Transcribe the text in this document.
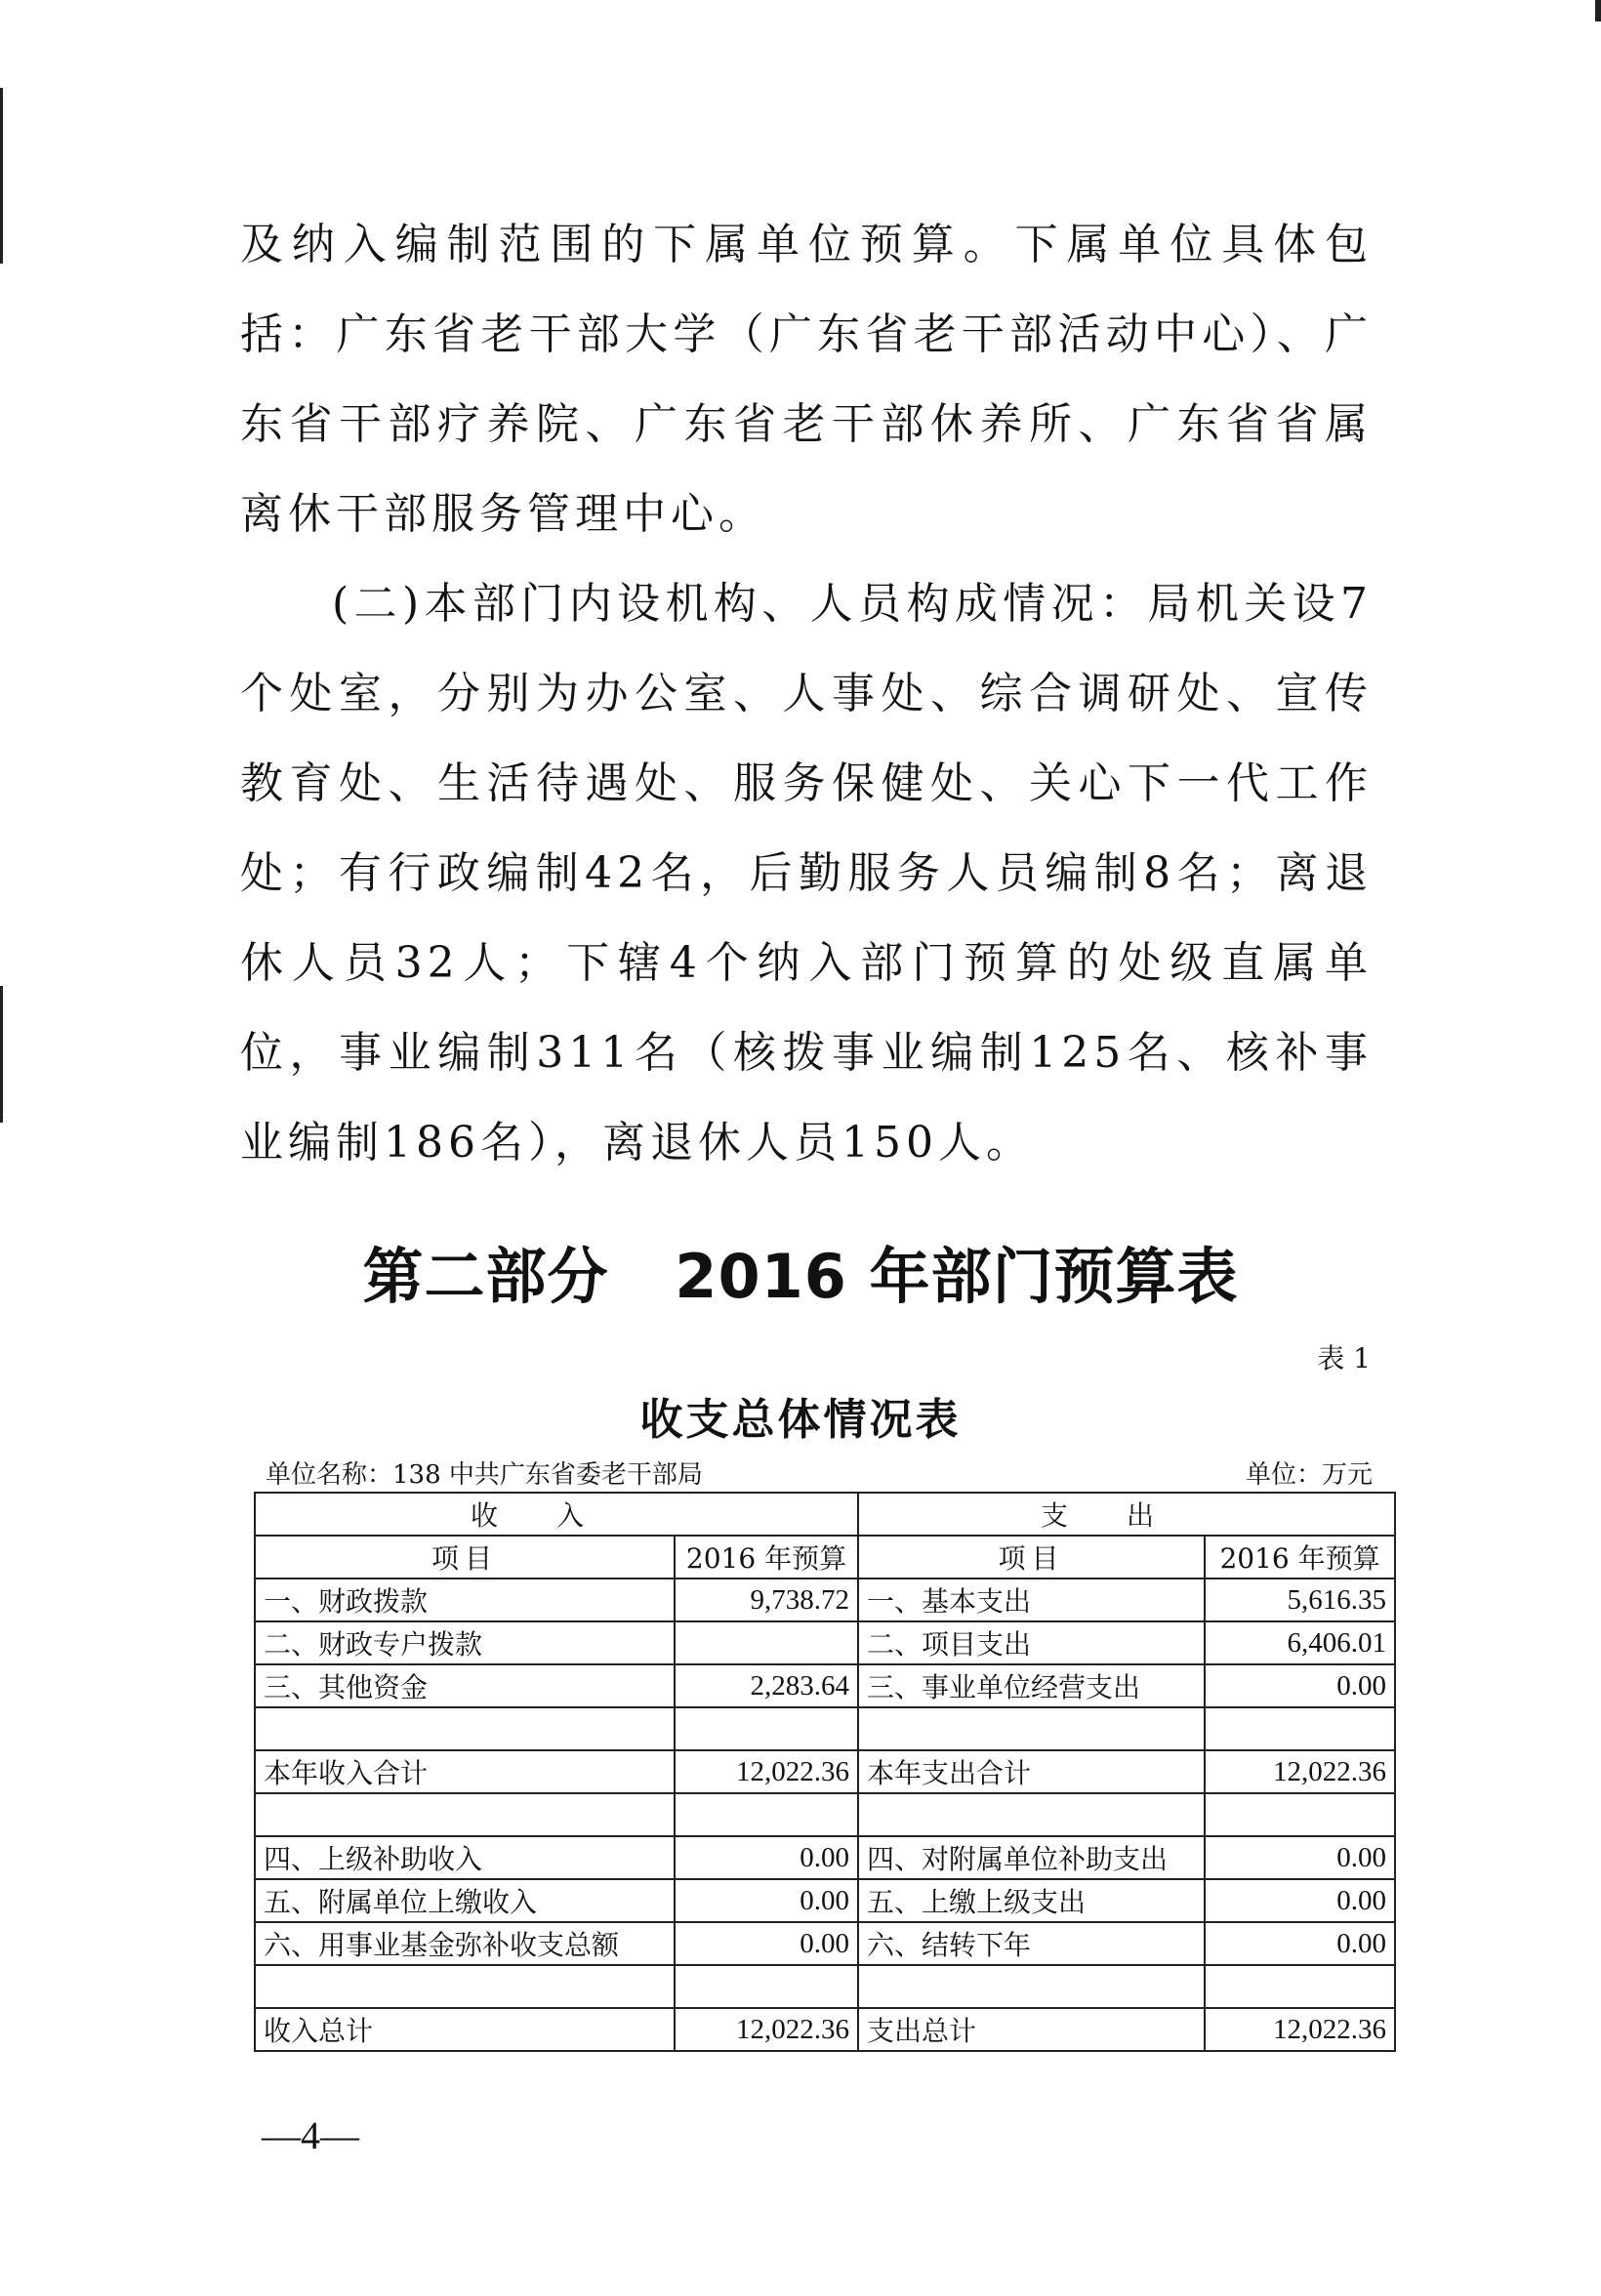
及纳入编制范围的下属单位预算。下属单位具体包括：广东省老干部大学（广东省老干部活动中心）、广东省干部疗养院、广东省老干部休养所、广东省省属离休干部服务管理中心。

(二)本部门内设机构、人员构成情况：局机关设7个处室，分别为办公室、人事处、综合调研处、宣传教育处、生活待遇处、服务保健处、关心下一代工作处；有行政编制42名，后勤服务人员编制8名；离退休人员32人；下辖4个纳入部门预算的处级直属单位，事业编制311名（核拨事业编制125名、核补事业编制186名），离退休人员150人。

第二部分   2016 年部门预算表
表 1
收支总体情况表
单位名称：138 中共广东省委老干部局	单位：万元
收入		支出	
项目	2016 年预算	项目	2016 年预算
一、财政拨款	9,738.72	一、基本支出	5,616.35
二、财政专户拨款		二、项目支出	6,406.01
三、其他资金	2,283.64	三、事业单位经营支出	0.00

本年收入合计	12,022.36	本年支出合计	12,022.36

四、上级补助收入	0.00	四、对附属单位补助支出	0.00
五、附属单位上缴收入	0.00	五、上缴上级支出	0.00
六、用事业基金弥补收支总额	0.00	六、结转下年	0.00

收入总计	12,022.36	支出总计	12,022.36
—4—
